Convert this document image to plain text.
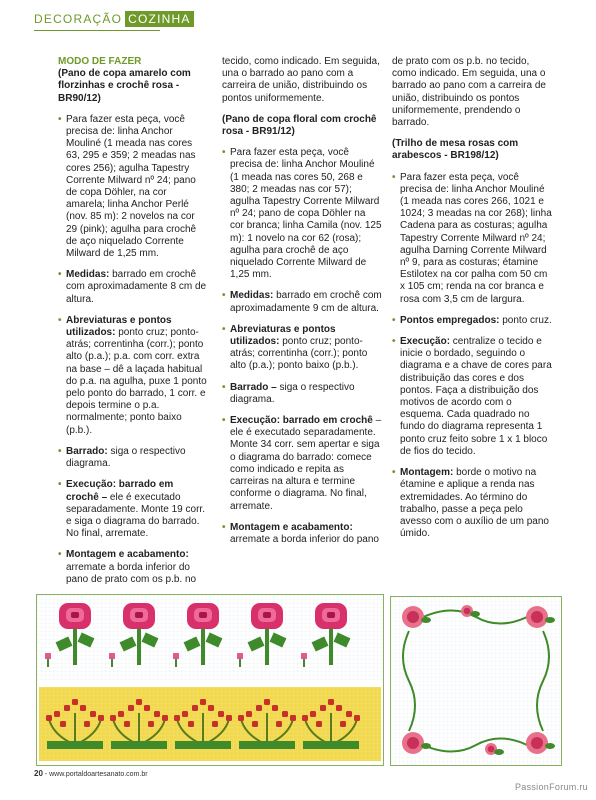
DECORAÇÃO COZINHA
MODO DE FAZER
(Pano de copa amarelo com florzinhas e crochê rosa - BR90/12)
• Para fazer esta peça, você precisa de: linha Anchor Mouliné (1 meada nas cores 63, 295 e 359; 2 meadas nas cores 256); agulha Tapestry Corrente Milward nº 24; pano de copa Döhler, na cor amarela; linha Anchor Perlé (nov. 85 m): 2 novelos na cor 29 (pink); agulha para crochê de aço niquelado Corrente Milward de 1,25 mm.
• Medidas: barrado em crochê com aproximadamente 8 cm de altura.
• Abreviaturas e pontos utilizados: ponto cruz; ponto-atrás; correntinha (corr.); ponto alto (p.a.); p.a. com corr. extra na base – dê a laçada habitual do p.a. na agulha, puxe 1 ponto pelo ponto do barrado, 1 corr. e depois termine o p.a. normalmente; ponto baixo (p.b.).
• Barrado: siga o respectivo diagrama.
• Execução: barrado em crochê – ele é executado separadamente. Monte 19 corr. e siga o diagrama do barrado. No final, arremate.
• Montagem e acabamento: arremate a borda inferior do pano de prato com os p.b. no
tecido, como indicado. Em seguida, una o barrado ao pano com a carreira de união, distribuindo os pontos uniformemente.
(Pano de copa floral com crochê rosa - BR91/12)
• Para fazer esta peça, você precisa de: linha Anchor Mouliné (1 meada nas cores 50, 268 e 380; 2 meadas nas cor 57); agulha Tapestry Corrente Milward nº 24; pano de copa Döhler na cor branca; linha Camila (nov. 125 m): 1 novelo na cor 62 (rosa); agulha para crochê de aço niquelado Corrente Milward de 1,25 mm.
• Medidas: barrado em crochê com aproximadamente 9 cm de altura.
• Abreviaturas e pontos utilizados: ponto cruz; ponto-atrás; correntinha (corr.); ponto alto (p.a.); ponto baixo (p.b.).
• Barrado – siga o respectivo diagrama.
• Execução: barrado em crochê – ele é executado separadamente. Monte 34 corr. sem apertar e siga o diagrama do barrado: comece como indicado e repita as carreiras na altura e termine conforme o diagrama. No final, arremate.
• Montagem e acabamento: arremate a borda inferior do pano
de prato com os p.b. no tecido, como indicado. Em seguida, una o barrado ao pano com a carreira de união, distribuindo os pontos uniformemente, prendendo o barrado.
(Trilho de mesa rosas com arabescos - BR198/12)
• Para fazer esta peça, você precisa de: linha Anchor Mouliné (1 meada nas cores 266, 1021 e 1024; 3 meadas na cor 268); linha Cadena para as costuras; agulha Tapestry Corrente Milward nº 24; agulha Darning Corrente Milward nº 9, para as costuras; étamine Estilotex na cor palha com 50 cm x 105 cm; renda na cor branca e rosa com 3,5 cm de largura.
• Pontos empregados: ponto cruz.
• Execução: centralize o tecido e inicie o bordado, seguindo o diagrama e a chave de cores para distribuição das cores e dos pontos. Faça a distribuição dos motivos de acordo com o esquema. Cada quadrado no fundo do diagrama representa 1 ponto cruz feito sobre 1 x 1 bloco de fios do tecido.
• Montagem: borde o motivo na étamine e aplique a renda nas extremidades. Ao término do trabalho, passe a peça pelo avesso com o auxílio de um pano úmido.
20 - www.portaldoartesanato.com.br
PassionForum.ru
